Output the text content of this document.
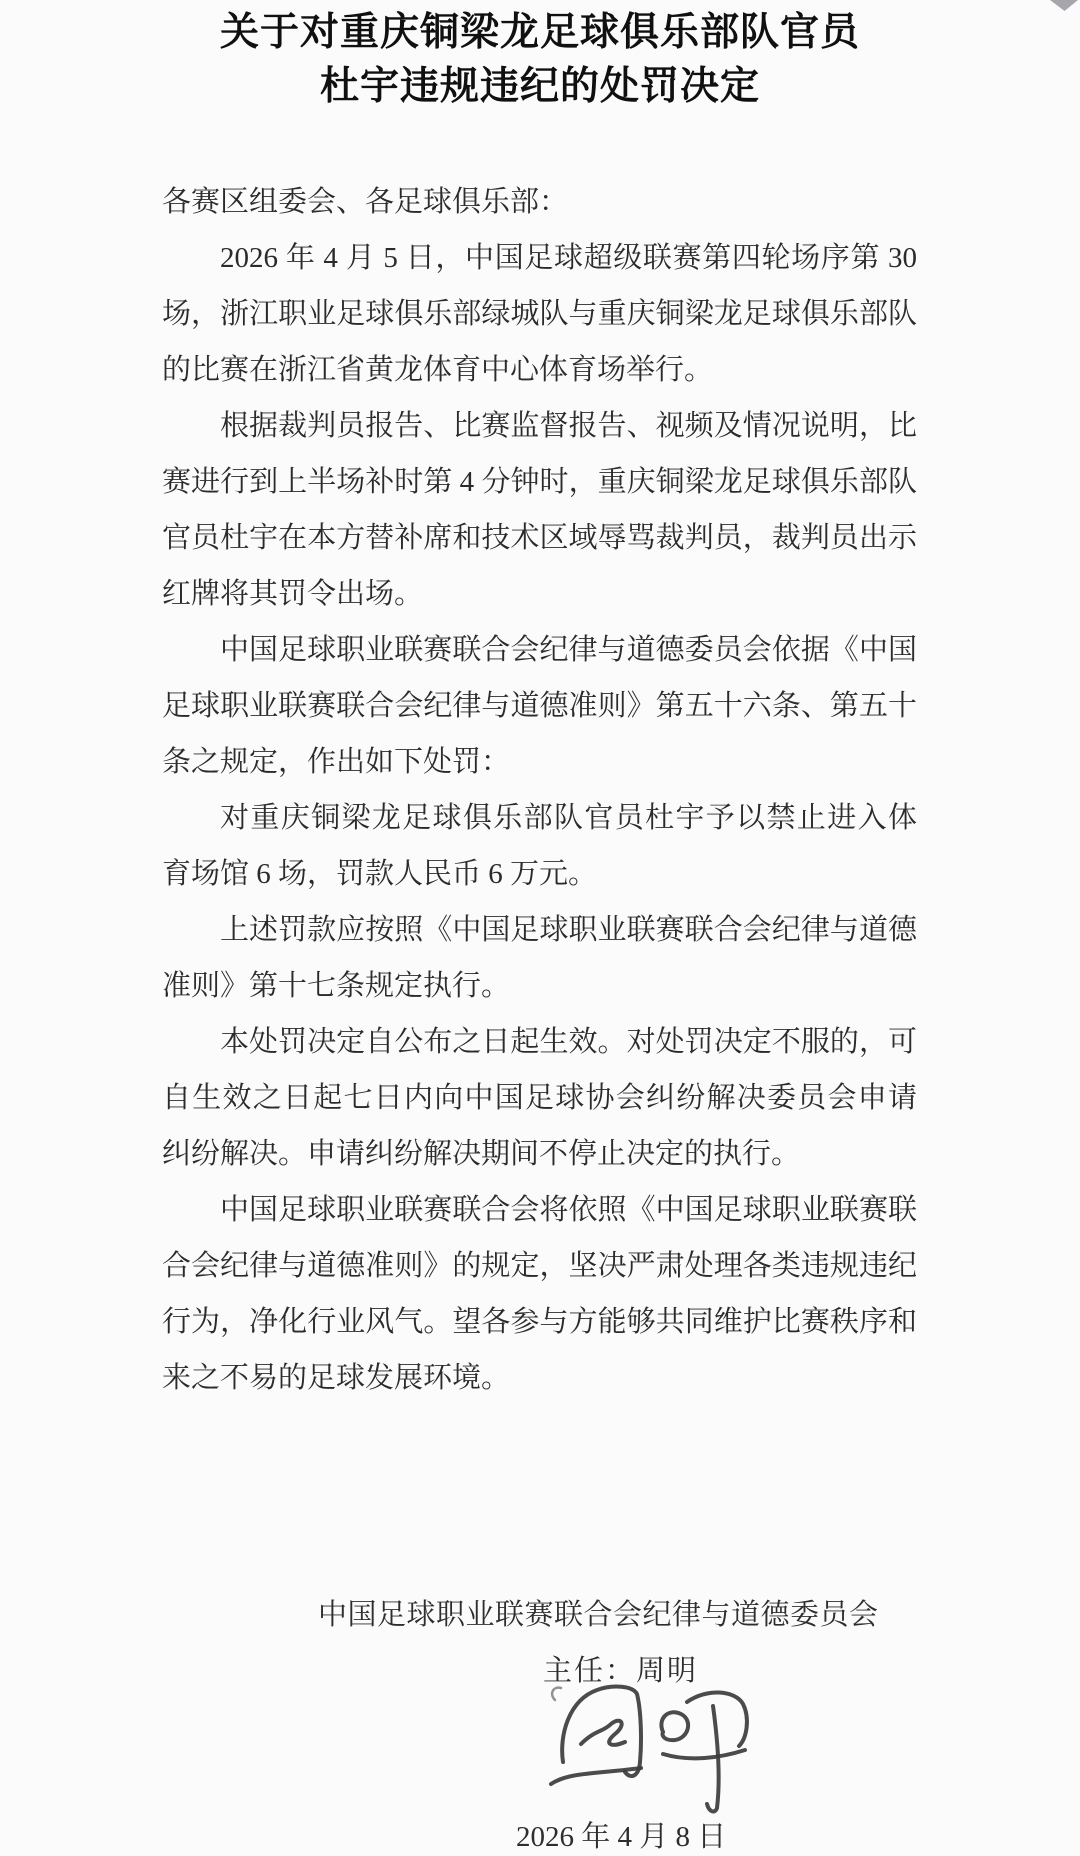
关于对重庆铜梁龙足球俱乐部队官员
杜宇违规违纪的处罚决定
各赛区组委会、各足球俱乐部：
2026 年 4 月 5 日，中国足球超级联赛第四轮场序第 30
场，浙江职业足球俱乐部绿城队与重庆铜梁龙足球俱乐部队
的比赛在浙江省黄龙体育中心体育场举行。
根据裁判员报告、比赛监督报告、视频及情况说明，比
赛进行到上半场补时第 4 分钟时，重庆铜梁龙足球俱乐部队
官员杜宇在本方替补席和技术区域辱骂裁判员，裁判员出示
红牌将其罚令出场。
中国足球职业联赛联合会纪律与道德委员会依据《中国
足球职业联赛联合会纪律与道德准则》第五十六条、第五十
条之规定，作出如下处罚：
对重庆铜梁龙足球俱乐部队官员杜宇予以禁止进入体
育场馆 6 场，罚款人民币 6 万元。
上述罚款应按照《中国足球职业联赛联合会纪律与道德
准则》第十七条规定执行。
本处罚决定自公布之日起生效。对处罚决定不服的，可
自生效之日起七日内向中国足球协会纠纷解决委员会申请
纠纷解决。申请纠纷解决期间不停止决定的执行。
中国足球职业联赛联合会将依照《中国足球职业联赛联
合会纪律与道德准则》的规定，坚决严肃处理各类违规违纪
行为，净化行业风气。望各参与方能够共同维护比赛秩序和
来之不易的足球发展环境。
中国足球职业联赛联合会纪律与道德委员会
主任：周明
2026 年 4 月 8 日
